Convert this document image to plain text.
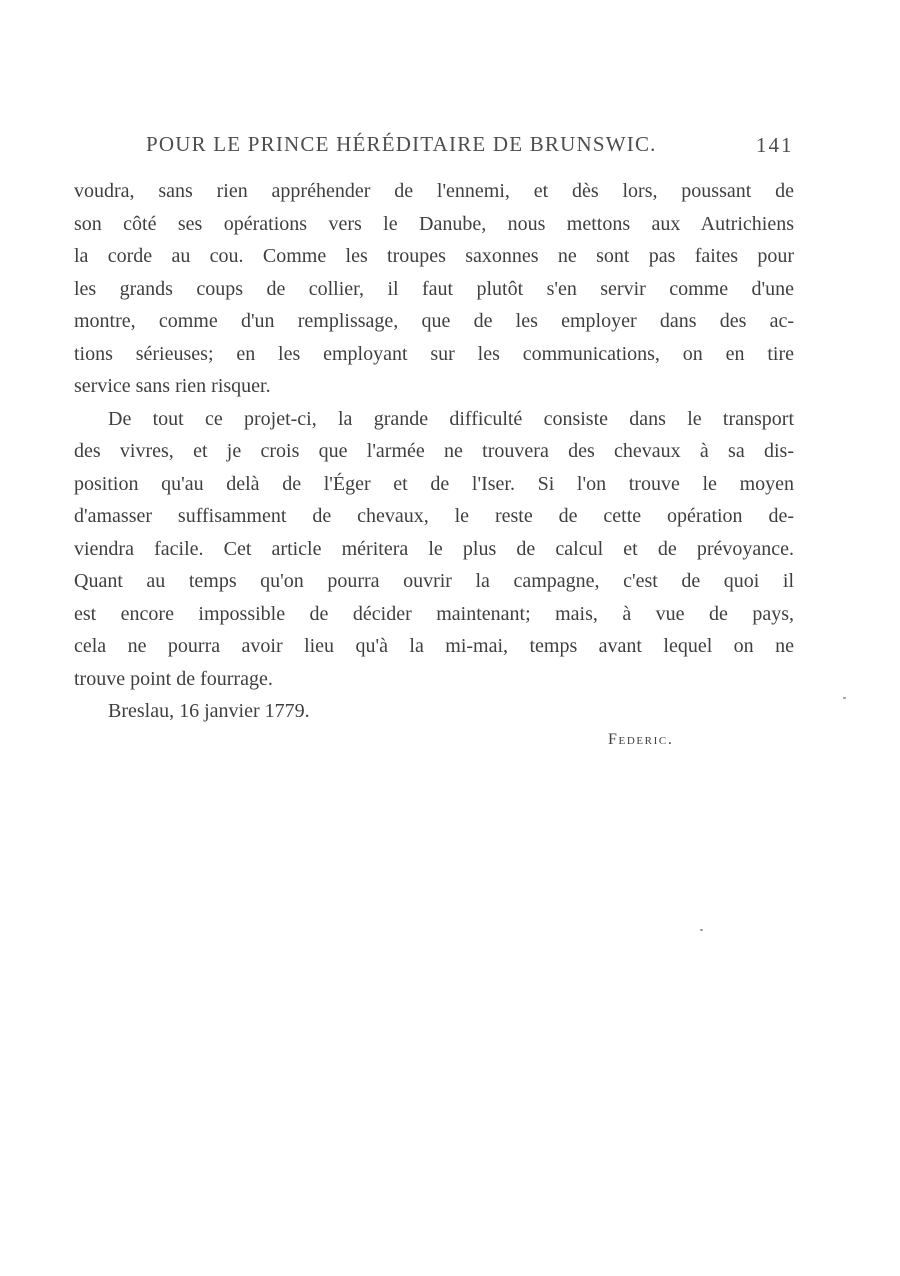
POUR LE PRINCE HÉRÉDITAIRE DE BRUNSWIC.	141
voudra, sans rien appréhender de l'ennemi, et dès lors, poussant de
son côté ses opérations vers le Danube, nous mettons aux Autrichiens
la corde au cou. Comme les troupes saxonnes ne sont pas faites pour
les grands coups de collier, il faut plutôt s'en servir comme d'une
montre, comme d'un remplissage, que de les employer dans des ac-
tions sérieuses; en les employant sur les communications, on en tire
service sans rien risquer.
De tout ce projet-ci, la grande difficulté consiste dans le transport
des vivres, et je crois que l'armée ne trouvera des chevaux à sa dis-
position qu'au delà de l'Éger et de l'Iser. Si l'on trouve le moyen
d'amasser suffisamment de chevaux, le reste de cette opération de-
viendra facile. Cet article méritera le plus de calcul et de prévoyance.
Quant au temps qu'on pourra ouvrir la campagne, c'est de quoi il
est encore impossible de décider maintenant; mais, à vue de pays,
cela ne pourra avoir lieu qu'à la mi-mai, temps avant lequel on ne
trouve point de fourrage.
Breslau, 16 janvier 1779.
Federic.
